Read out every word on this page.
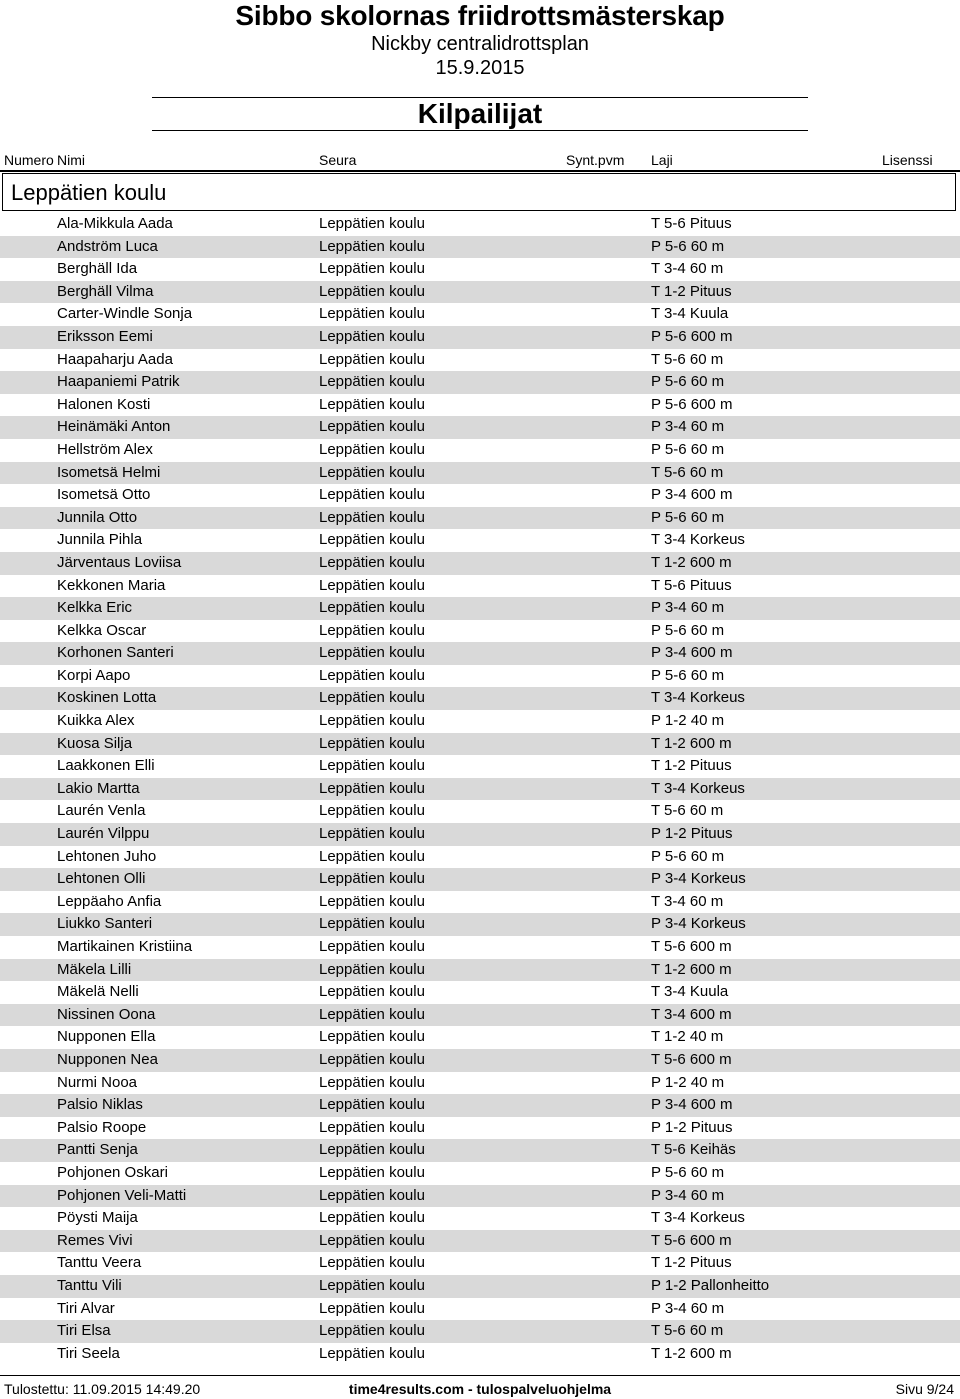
Sibbo skolornas friidrottsmästerskap
Nickby centralidrottsplan
15.9.2015
Kilpailijat
Numero Nimi	Seura	Synt.pvm Laji	Lisenssi
Leppätien koulu
Ala-Mikkula Aada	Leppätien koulu	T 5-6 Pituus
Andström Luca	Leppätien koulu	P 5-6 60 m
Berghäll Ida	Leppätien koulu	T 3-4 60 m
Berghäll Vilma	Leppätien koulu	T 1-2 Pituus
Carter-Windle Sonja	Leppätien koulu	T 3-4 Kuula
Eriksson Eemi	Leppätien koulu	P 5-6 600 m
Haapaharju Aada	Leppätien koulu	T 5-6 60 m
Haapaniemi Patrik	Leppätien koulu	P 5-6 60 m
Halonen Kosti	Leppätien koulu	P 5-6 600 m
Heinämäki Anton	Leppätien koulu	P 3-4 60 m
Hellström Alex	Leppätien koulu	P 5-6 60 m
Isometsä Helmi	Leppätien koulu	T 5-6 60 m
Isometsä Otto	Leppätien koulu	P 3-4 600 m
Junnila Otto	Leppätien koulu	P 5-6 60 m
Junnila Pihla	Leppätien koulu	T 3-4 Korkeus
Järventaus Loviisa	Leppätien koulu	T 1-2 600 m
Kekkonen Maria	Leppätien koulu	T 5-6 Pituus
Kelkka Eric	Leppätien koulu	P 3-4 60 m
Kelkka Oscar	Leppätien koulu	P 5-6 60 m
Korhonen Santeri	Leppätien koulu	P 3-4 600 m
Korpi Aapo	Leppätien koulu	P 5-6 60 m
Koskinen Lotta	Leppätien koulu	T 3-4 Korkeus
Kuikka Alex	Leppätien koulu	P 1-2 40 m
Kuosa Silja	Leppätien koulu	T 1-2 600 m
Laakkonen Elli	Leppätien koulu	T 1-2 Pituus
Lakio Martta	Leppätien koulu	T 3-4 Korkeus
Laurén Venla	Leppätien koulu	T 5-6 60 m
Laurén Vilppu	Leppätien koulu	P 1-2 Pituus
Lehtonen Juho	Leppätien koulu	P 5-6 60 m
Lehtonen Olli	Leppätien koulu	P 3-4 Korkeus
Leppäaho Anfia	Leppätien koulu	T 3-4 60 m
Liukko Santeri	Leppätien koulu	P 3-4 Korkeus
Martikainen Kristiina	Leppätien koulu	T 5-6 600 m
Mäkela Lilli	Leppätien koulu	T 1-2 600 m
Mäkelä Nelli	Leppätien koulu	T 3-4 Kuula
Nissinen Oona	Leppätien koulu	T 3-4 600 m
Nupponen Ella	Leppätien koulu	T 1-2 40 m
Nupponen Nea	Leppätien koulu	T 5-6 600 m
Nurmi Nooa	Leppätien koulu	P 1-2 40 m
Palsio Niklas	Leppätien koulu	P 3-4 600 m
Palsio Roope	Leppätien koulu	P 1-2 Pituus
Pantti Senja	Leppätien koulu	T 5-6 Keihäs
Pohjonen Oskari	Leppätien koulu	P 5-6 60 m
Pohjonen Veli-Matti	Leppätien koulu	P 3-4 60 m
Pöysti Maija	Leppätien koulu	T 3-4 Korkeus
Remes Vivi	Leppätien koulu	T 5-6 600 m
Tanttu Veera	Leppätien koulu	T 1-2 Pituus
Tanttu Vili	Leppätien koulu	P 1-2 Pallonheitto
Tiri Alvar	Leppätien koulu	P 3-4 60 m
Tiri Elsa	Leppätien koulu	T 5-6 60 m
Tiri Seela	Leppätien koulu	T 1-2 600 m
Tulostettu: 11.09.2015 14:49.20	time4results.com - tulospalveluohjelma	Sivu 9/24
